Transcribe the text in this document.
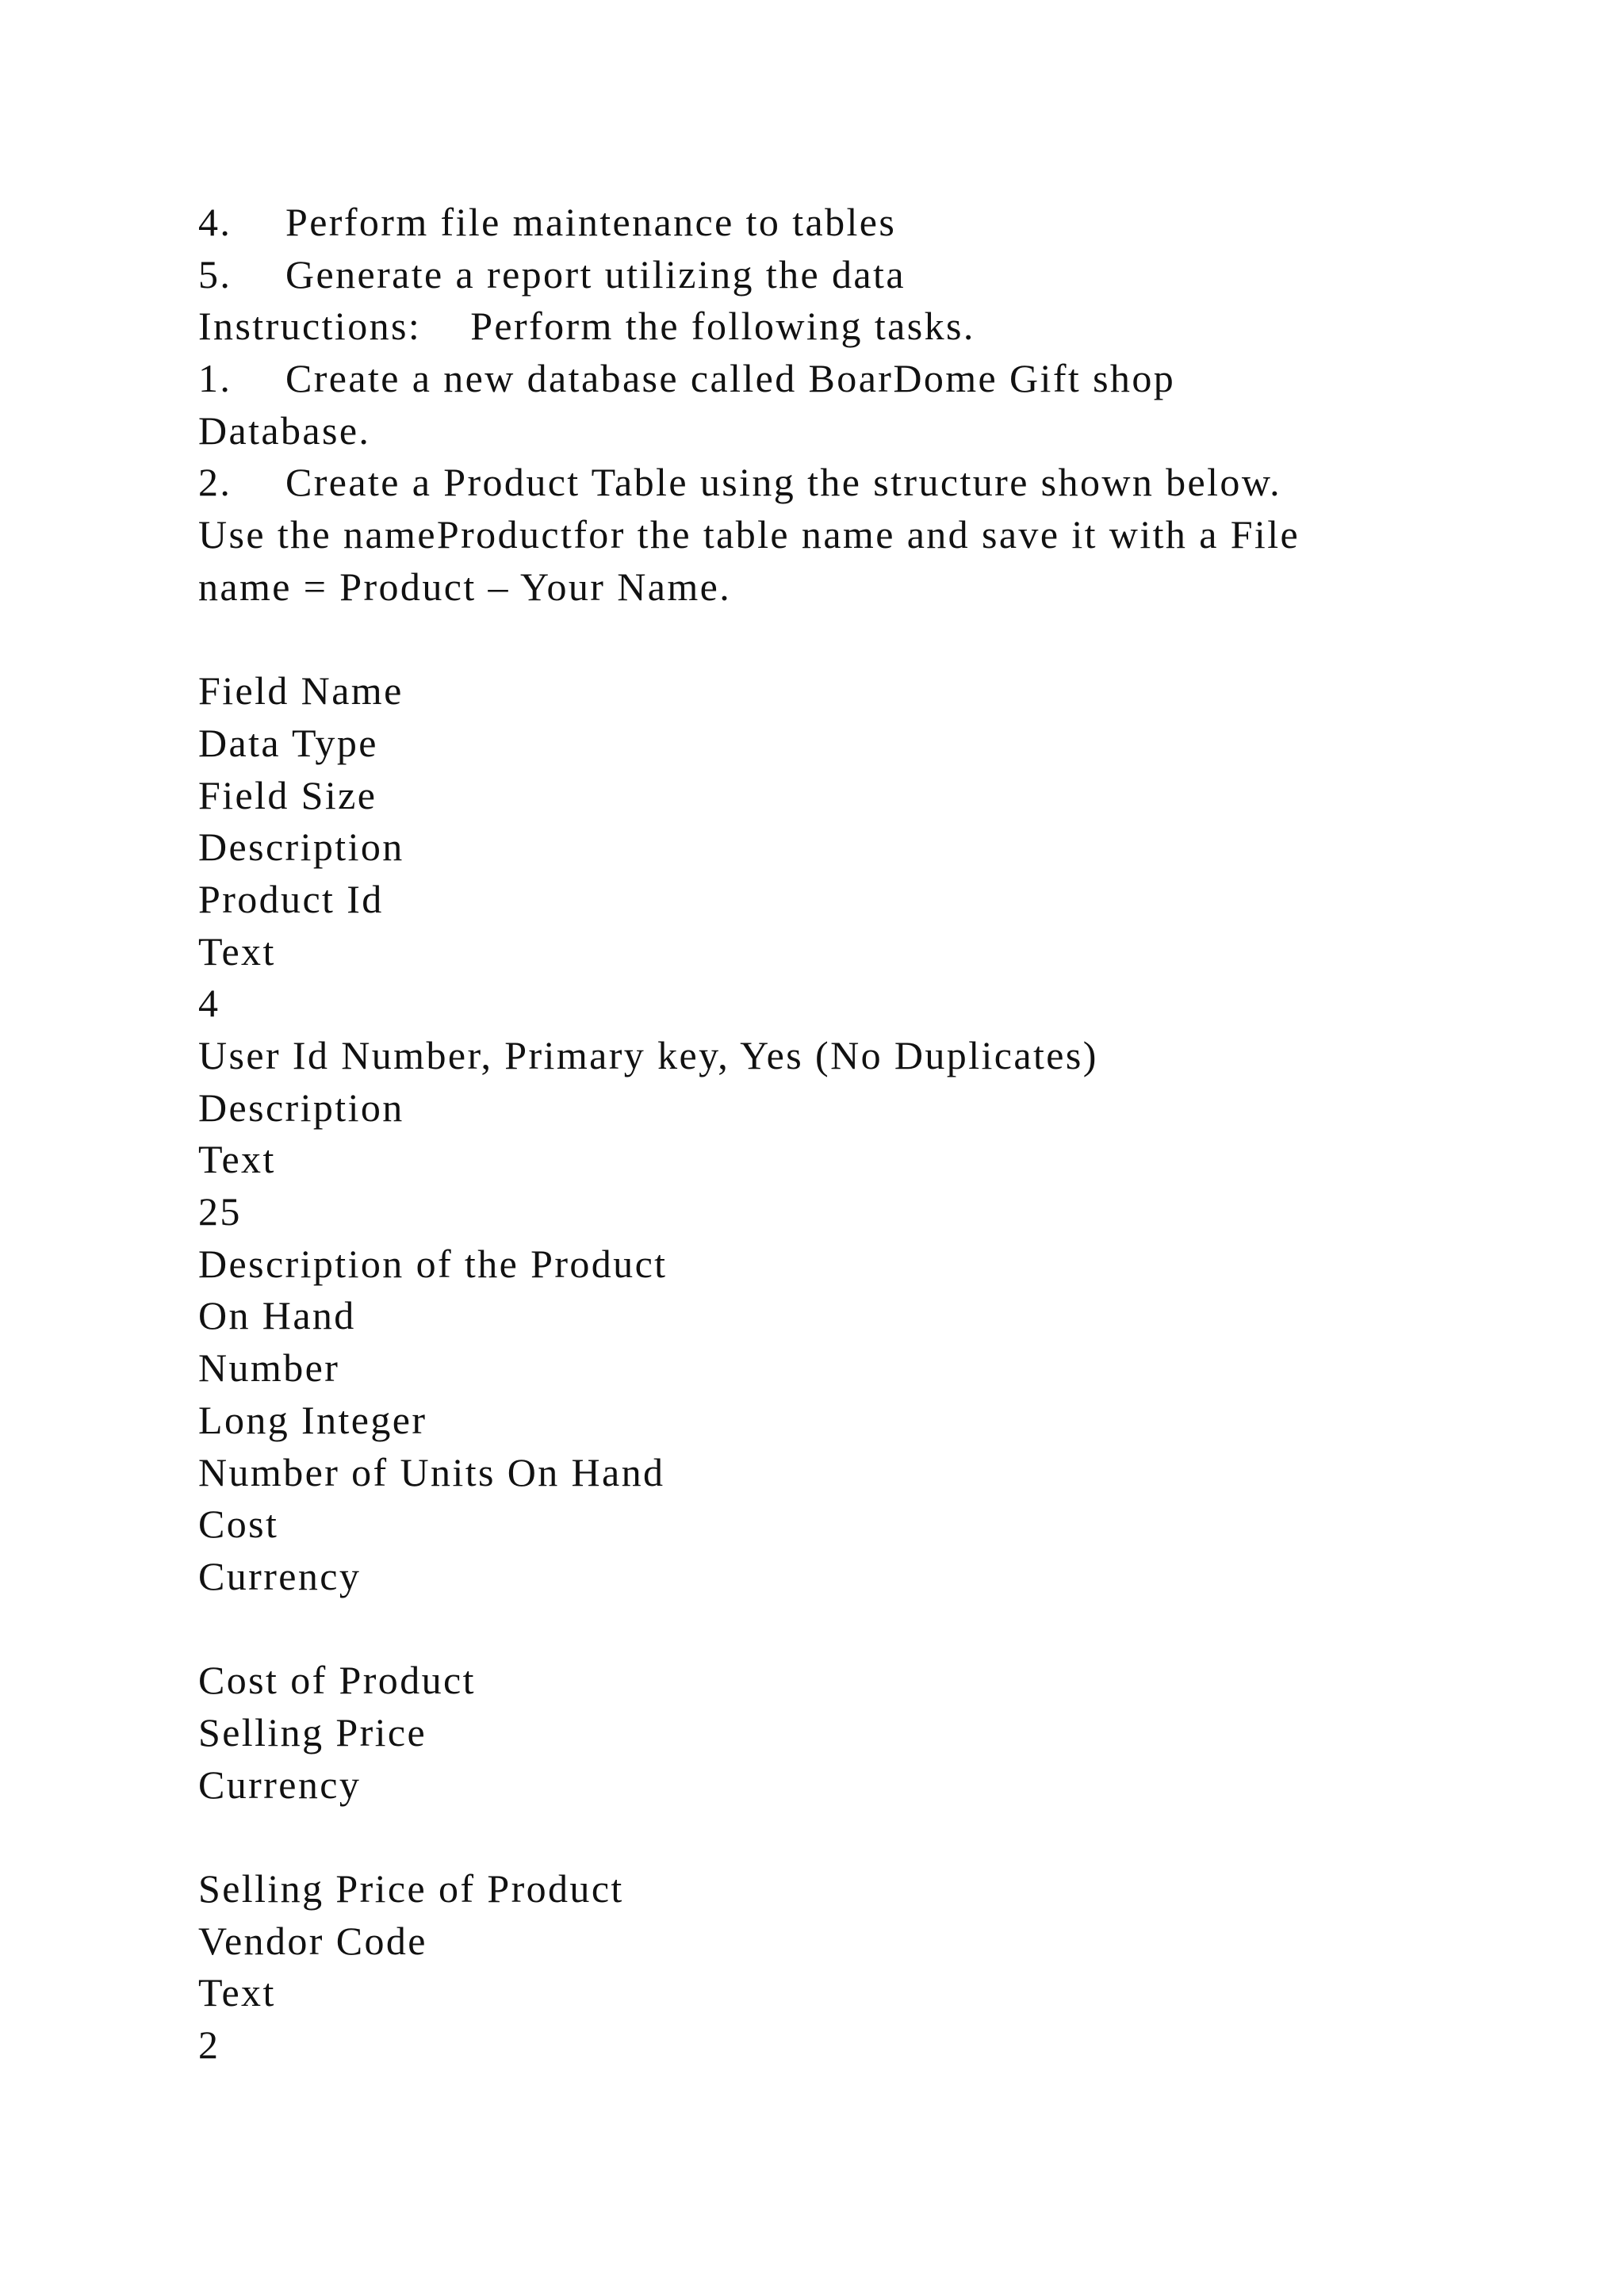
4. Perform file maintenance to tables
5. Generate a report utilizing the data
Instructions: Perform the following tasks.
1. Create a new database called BoarDome Gift shop
Database.
2. Create a Product Table using the structure shown below.
Use the nameProductfor the table name and save it with a File
name = Product – Your Name.
Field Name
Data Type
Field Size
Description
Product Id
Text
4
User Id Number, Primary key, Yes (No Duplicates)
Description
Text
25
Description of the Product
On Hand
Number
Long Integer
Number of Units On Hand
Cost
Currency
Cost of Product
Selling Price
Currency
Selling Price of Product
Vendor Code
Text
2
